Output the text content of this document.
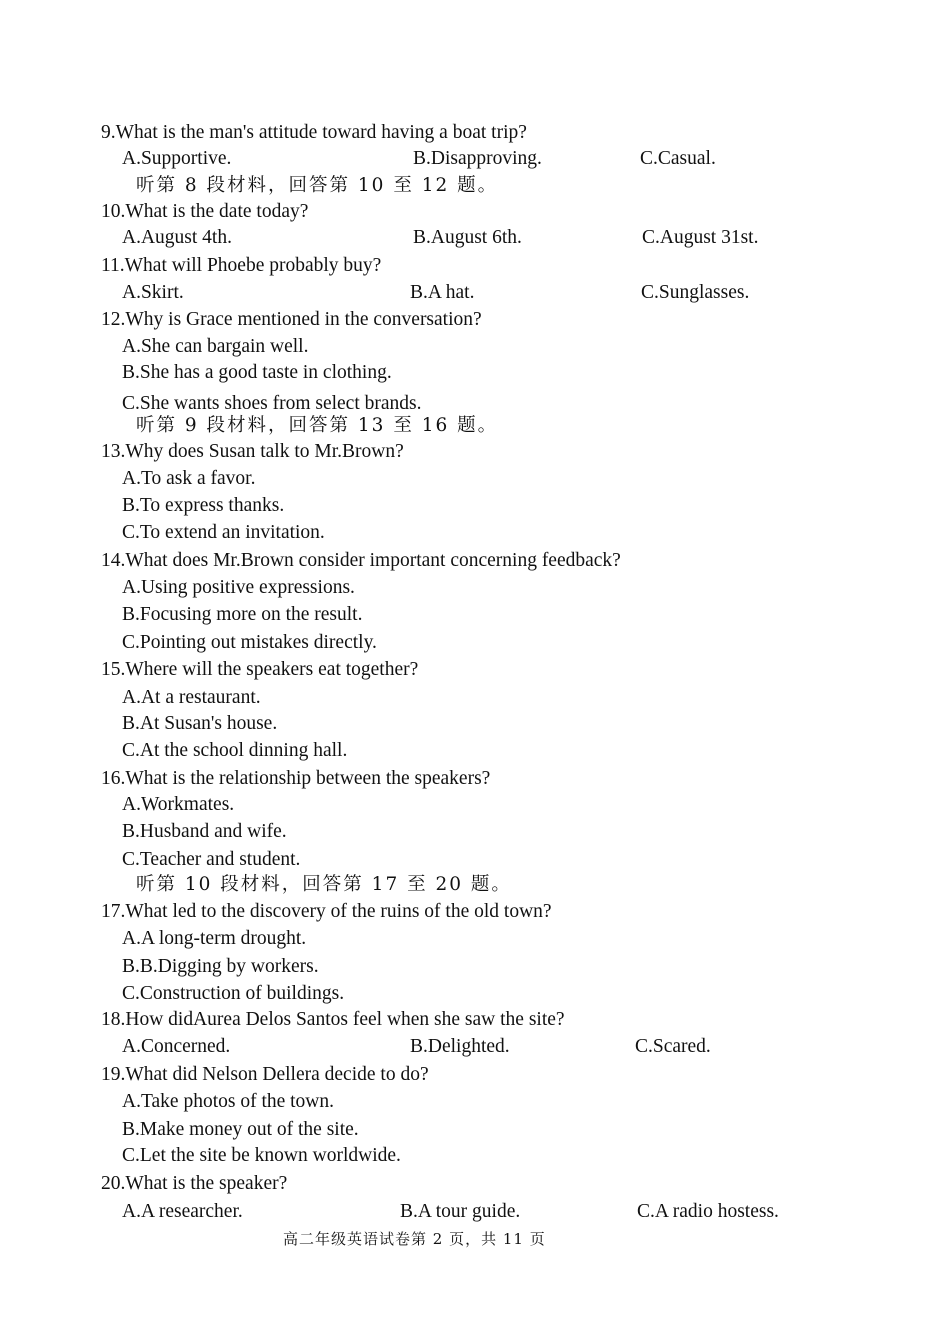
9.What is the man's attitude toward having a boat trip?
A.Supportive.	B.Disapproving.	C.Casual.
听第 8 段材料，回答第 10 至 12 题。
10.What is the date today?
A.August 4th.	B.August 6th.	C.August 31st.
11.What will Phoebe probably buy?
A.Skirt.	B.A hat.	C.Sunglasses.
12.Why is Grace mentioned in the conversation?
A.She can bargain well.
B.She has a good taste in clothing.
C.She wants shoes from select brands.
听第 9 段材料，回答第 13 至 16 题。
13.Why does Susan talk to Mr.Brown?
A.To ask a favor.
B.To express thanks.
C.To extend an invitation.
14.What does Mr.Brown consider important concerning feedback?
A.Using positive expressions.
B.Focusing more on the result.
C.Pointing out mistakes directly.
15.Where will the speakers eat together?
A.At a restaurant.
B.At Susan's house.
C.At the school dinning hall.
16.What is the relationship between the speakers?
A.Workmates.
B.Husband and wife.
C.Teacher and student.
听第 10 段材料，回答第 17 至 20 题。
17.What led to the discovery of the ruins of the old town?
A.A long-term drought.
B.B.Digging by workers.
C.Construction of buildings.
18.How didAurea Delos Santos feel when she saw the site?
A.Concerned.	B.Delighted.	C.Scared.
19.What did Nelson Dellera decide to do?
A.Take photos of the town.
B.Make money out of the site.
C.Let the site be known worldwide.
20.What is the speaker?
A.A researcher.	B.A tour guide.	C.A radio hostess.
高二年级英语试卷第 2 页，共 11 页
